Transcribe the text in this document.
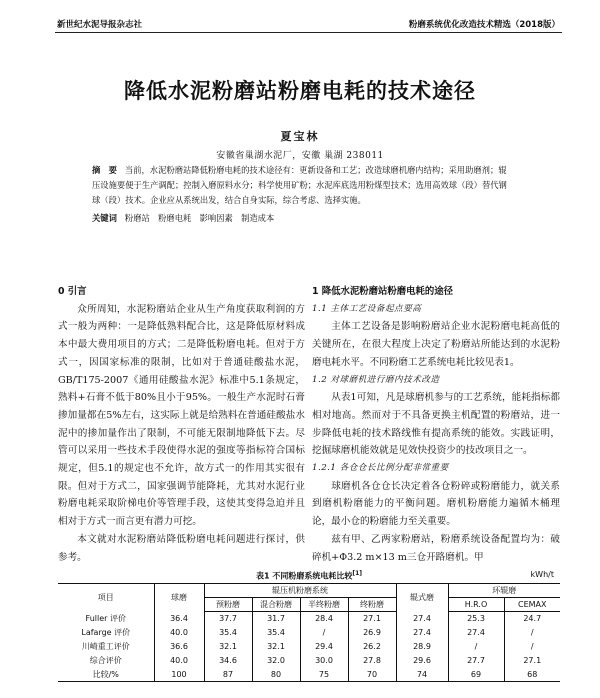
新世纪水泥导报杂志社	粉磨系统优化改造技术精选（2018版）
降低水泥粉磨站粉磨电耗的技术途径
夏宝林
安徽省巢湖水泥厂，安徽 巢湖 238011
摘　要 当前，水泥粉磨站降低粉磨电耗的技术途径有：更新设备和工艺；改造球磨机磨内结构；采用助磨剂；辊压设施要便于生产调配；控制入磨原料水分；科学使用矿粉；水泥库底选用粉煤型技术；选用高效球（段）替代钢球（段）技术。企业应从系统出发，结合自身实际，综合考虑、选择实施。
关键词 粉磨站　粉磨电耗　影响因素　制造成本
0 引言
众所周知，水泥粉磨站企业从生产角度获取利润的方式一般为两种：一是降低熟料配合比，这是降低原材料成本中最大费用项目的方式；二是降低粉磨电耗。但对于方式一，因国家标准的限制，比如对于普通硅酸盐水泥，GB/T175-2007《通用硅酸盐水泥》标准中5.1条规定，熟料+石膏不低于80%且小于95%。一般生产水泥时石膏掺加量都在5%左右，这实际上就是给熟料在普通硅酸盐水泥中的掺加量作出了限制，不可能无限制地降低下去。尽管可以采用一些技术手段使得水泥的强度等指标符合国标规定，但5.1的规定也不允许，故方式一的作用其实很有限。但对于方式二，国家强调节能降耗，尤其对水泥行业粉磨电耗采取阶梯电价等管理手段，这使其变得急迫并且相对于方式一而言更有潜力可挖。
本文就对水泥粉磨站降低粉磨电耗问题进行探讨，供参考。
1 降低水泥粉磨站粉磨电耗的途径
1.1 主体工艺设备起点要高
主体工艺设备是影响粉磨站企业水泥粉磨电耗高低的关键所在，在很大程度上决定了粉磨站所能达到的水泥粉磨电耗水平。不同粉磨工艺系统电耗比较见表1。
1.2 对球磨机进行磨内技术改造
从表1可知，凡是球磨机参与的工艺系统，能耗指标都相对地高。然而对于不具备更换主机配置的粉磨站，进一步降低电耗的技术路线惟有提高系统的能效。实践证明，挖掘球磨机能效就是见效快投资少的技改项目之一。
1.2.1 各仓仓长比例分配非常重要
球磨机各仓仓长决定着各仓粉碎或粉磨能力，就关系到磨机粉磨能力的平衡问题。磨机粉磨能力遍循木桶理论，最小仓的粉磨能力至关重要。
兹有甲、乙两家粉磨站，粉磨系统设备配置均为：破碎机+Φ3.2 m×13 m三仓开路磨机。甲
表1 不同粉磨系统电耗比较[1]	kWh/t
项目	球磨	辊压机粉磨系统				辊式磨	环辊磨	
		预粉磨	混合粉磨	半终粉磨	终粉磨		H.R.O	CEMAX
Fuller 评价	36.4	37.7	31.7	28.4	27.1	27.4	25.3	24.7
Lafarge 评价	40.0	35.4	35.4	/	26.9	27.4	27.4	/
川崎重工评价	36.6	32.1	32.1	29.4	26.2	28.9	/	/
综合评价	40.0	34.6	32.0	30.0	27.8	29.6	27.7	27.1
比较/%	100	87	80	75	70	74	69	68
